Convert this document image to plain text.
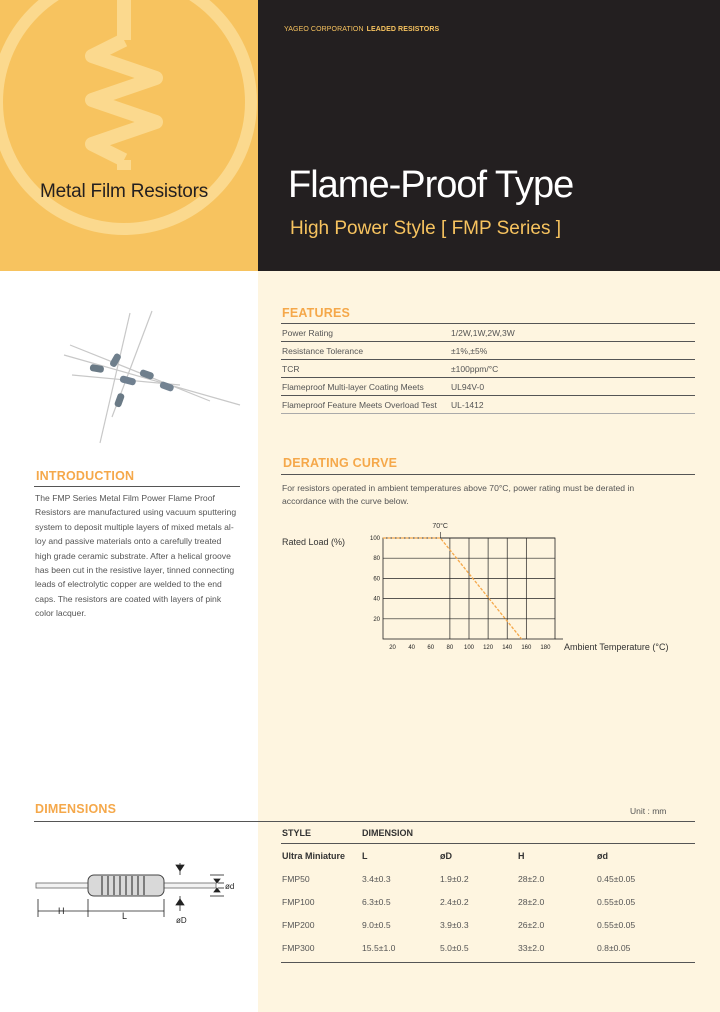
Metal Film Resistors
YAGEO CORPORATION LEADED RESISTORS
Flame-Proof Type
High Power Style [ FMP Series ]
FEATURES
Power Rating	1/2W,1W,2W,3W
Resistance Tolerance	±1%,±5%
TCR	±100ppm/°C
Flameproof Multi-layer Coating Meets	UL94V-0
Flameproof Feature Meets Overload Test	UL-1412
INTRODUCTION
The FMP Series Metal Film Power Flame Proof
Resistors are manufactured using vacuum sputtering
system to deposit multiple layers of mixed metals al-
loy and passive materials onto a carefully treated
high grade ceramic substrate. After a helical groove
has been cut in the resistive layer, tinned connecting
leads of electrolytic copper are welded to the end
caps. The resistors are coated with layers of pink
color lacquer.
DERATING CURVE
For resistors operated in ambient temperatures above 70°C, power rating must be derated in
accordance with the curve below.
Rated Load (%)
Ambient Temperature (°C)
70°C
20 40 60 80 100 120 140 160 180
20
40
60
80
100
DIMENSIONS	Unit : mm
STYLE	DIMENSION
Ultra Miniature L	øD	H	ød
FMP50	3.4±0.3	1.9±0.2	28±2.0	0.45±0.05
FMP100	6.3±0.5	2.4±0.2	28±2.0	0.55±0.05
FMP200	9.0±0.5	3.9±0.3	26±2.0	0.55±0.05
FMP300	15.5±1.0	5.0±0.5	33±2.0	0.8±0.05
H	L
ød
øD
